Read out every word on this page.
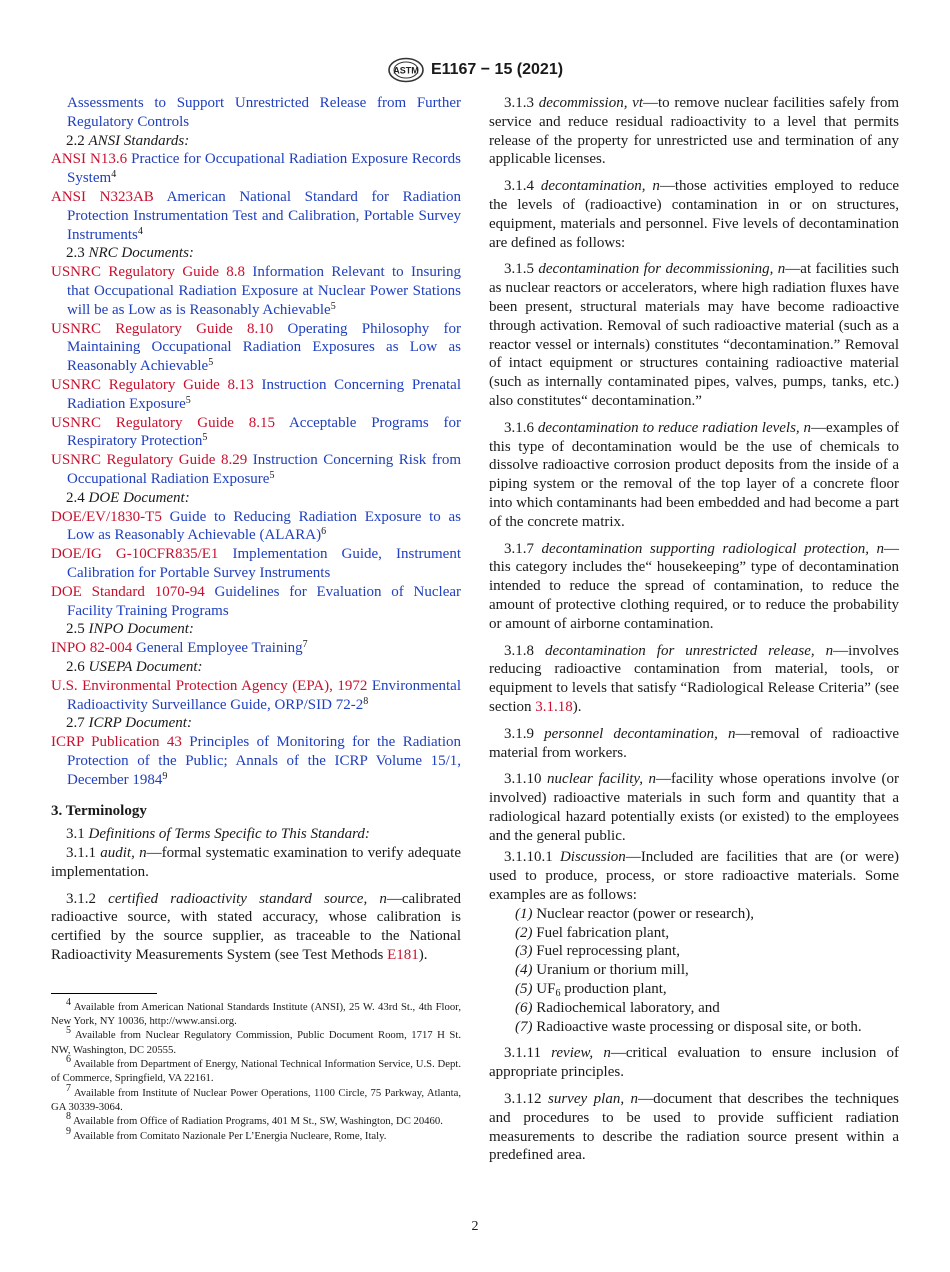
ASTM E1167 − 15 (2021)
Assessments to Support Unrestricted Release from Further Regulatory Controls
2.2 ANSI Standards:
ANSI N13.6 Practice for Occupational Radiation Exposure Records System$^4$
ANSI N323AB American National Standard for Radiation Protection Instrumentation Test and Calibration, Portable Survey Instruments$^4$
2.3 NRC Documents:
USNRC Regulatory Guide 8.8 Information Relevant to Insuring that Occupational Radiation Exposure at Nuclear Power Stations will be as Low as is Reasonably Achievable$^5$
USNRC Regulatory Guide 8.10 Operating Philosophy for Maintaining Occupational Radiation Exposures as Low as Reasonably Achievable$^5$
USNRC Regulatory Guide 8.13 Instruction Concerning Prenatal Radiation Exposure$^5$
USNRC Regulatory Guide 8.15 Acceptable Programs for Respiratory Protection$^5$
USNRC Regulatory Guide 8.29 Instruction Concerning Risk from Occupational Radiation Exposure$^5$
2.4 DOE Document:
DOE/EV/1830-T5 Guide to Reducing Radiation Exposure to as Low as Reasonably Achievable (ALARA)$^6$
DOE/IG G-10CFR835/E1 Implementation Guide, Instrument Calibration for Portable Survey Instruments
DOE Standard 1070-94 Guidelines for Evaluation of Nuclear Facility Training Programs
2.5 INPO Document:
INPO 82-004 General Employee Training$^7$
2.6 USEPA Document:
U.S. Environmental Protection Agency (EPA), 1972 Environmental Radioactivity Surveillance Guide, ORP/SID $72-2^8$
2.7 ICRP Document:
ICRP Publication 43 Principles of Monitoring for the Radiation Protection of the Public; Annals of the ICRP Volume 15/1, December 1984$^9$
3. Terminology
3.1 Definitions of Terms Specific to This Standard:
3.1.1 audit, n—formal systematic examination to verify adequate implementation.
3.1.2 certified radioactivity standard source, n—calibrated radioactive source, with stated accuracy, whose calibration is certified by the source supplier, as traceable to the National Radioactivity Measurements System (see Test Methods E181).
$^4$ Available from American National Standards Institute (ANSI), 25 W. 43rd St., 4th Floor, New York, NY 10036, http://www.ansi.org.
$^5$ Available from Nuclear Regulatory Commission, Public Document Room, 1717 H St. NW, Washington, DC 20555.
$^6$ Available from Department of Energy, National Technical Information Service, U.S. Dept. of Commerce, Springfield, VA 22161.
$^7$ Available from Institute of Nuclear Power Operations, 1100 Circle, 75 Parkway, Atlanta, GA 30339-3064.
$^8$ Available from Office of Radiation Programs, 401 M St., SW, Washington, DC 20460.
$^9$ Available from Comitato Nazionale Per L’Energia Nucleare, Rome, Italy.
3.1.3 decommission, vt—to remove nuclear facilities safely from service and reduce residual radioactivity to a level that permits release of the property for unrestricted use and termination of any applicable licenses.
3.1.4 decontamination, n—those activities employed to reduce the levels of (radioactive) contamination in or on structures, equipment, materials and personnel. Five levels of decontamination are defined as follows:
3.1.5 decontamination for decommissioning, n—at facilities such as nuclear reactors or accelerators, where high radiation fluxes have been present, structural materials may have become radioactive through activation. Removal of such radioactive material (such as a reactor vessel or internals) constitutes “decontamination.” Removal of intact equipment or structures containing radioactive material (such as internally contaminated pipes, valves, pumps, tanks, etc.) also constitutes“ decontamination.”
3.1.6 decontamination to reduce radiation levels, n—examples of this type of decontamination would be the use of chemicals to dissolve radioactive corrosion product deposits from the inside of a piping system or the removal of the top layer of a concrete floor into which contaminants had been embedded and had become a part of the concrete matrix.
3.1.7 decontamination supporting radiological protection, n—this category includes the“ housekeeping” type of decontamination intended to reduce the spread of contamination, to reduce the amount of protective clothing required, or to reduce the probability or amount of airborne contamination.
3.1.8 decontamination for unrestricted release, n—involves reducing radioactive contamination from material, tools, or equipment to levels that satisfy “Radiological Release Criteria” (see section 3.1.18).
3.1.9 personnel decontamination, n—removal of radioactive material from workers.
3.1.10 nuclear facility, n—facility whose operations involve (or involved) radioactive materials in such form and quantity that a radiological hazard potentially exists (or existed) to the employees and the general public.
3.1.10.1 Discussion—Included are facilities that are (or were) used to produce, process, or store radioactive materials. Some examples are as follows:
(1) Nuclear reactor (power or research),
(2) Fuel fabrication plant,
(3) Fuel reprocessing plant,
(4) Uranium or thorium mill,
(5) $UF_6$ production plant,
(6) Radiochemical laboratory, and
(7) Radioactive waste processing or disposal site, or both.
3.1.11 review, n—critical evaluation to ensure inclusion of appropriate principles.
3.1.12 survey plan, n—document that describes the techniques and procedures to be used to provide sufficient radiation measurements to describe the radiation source present within a predefined area.
2
